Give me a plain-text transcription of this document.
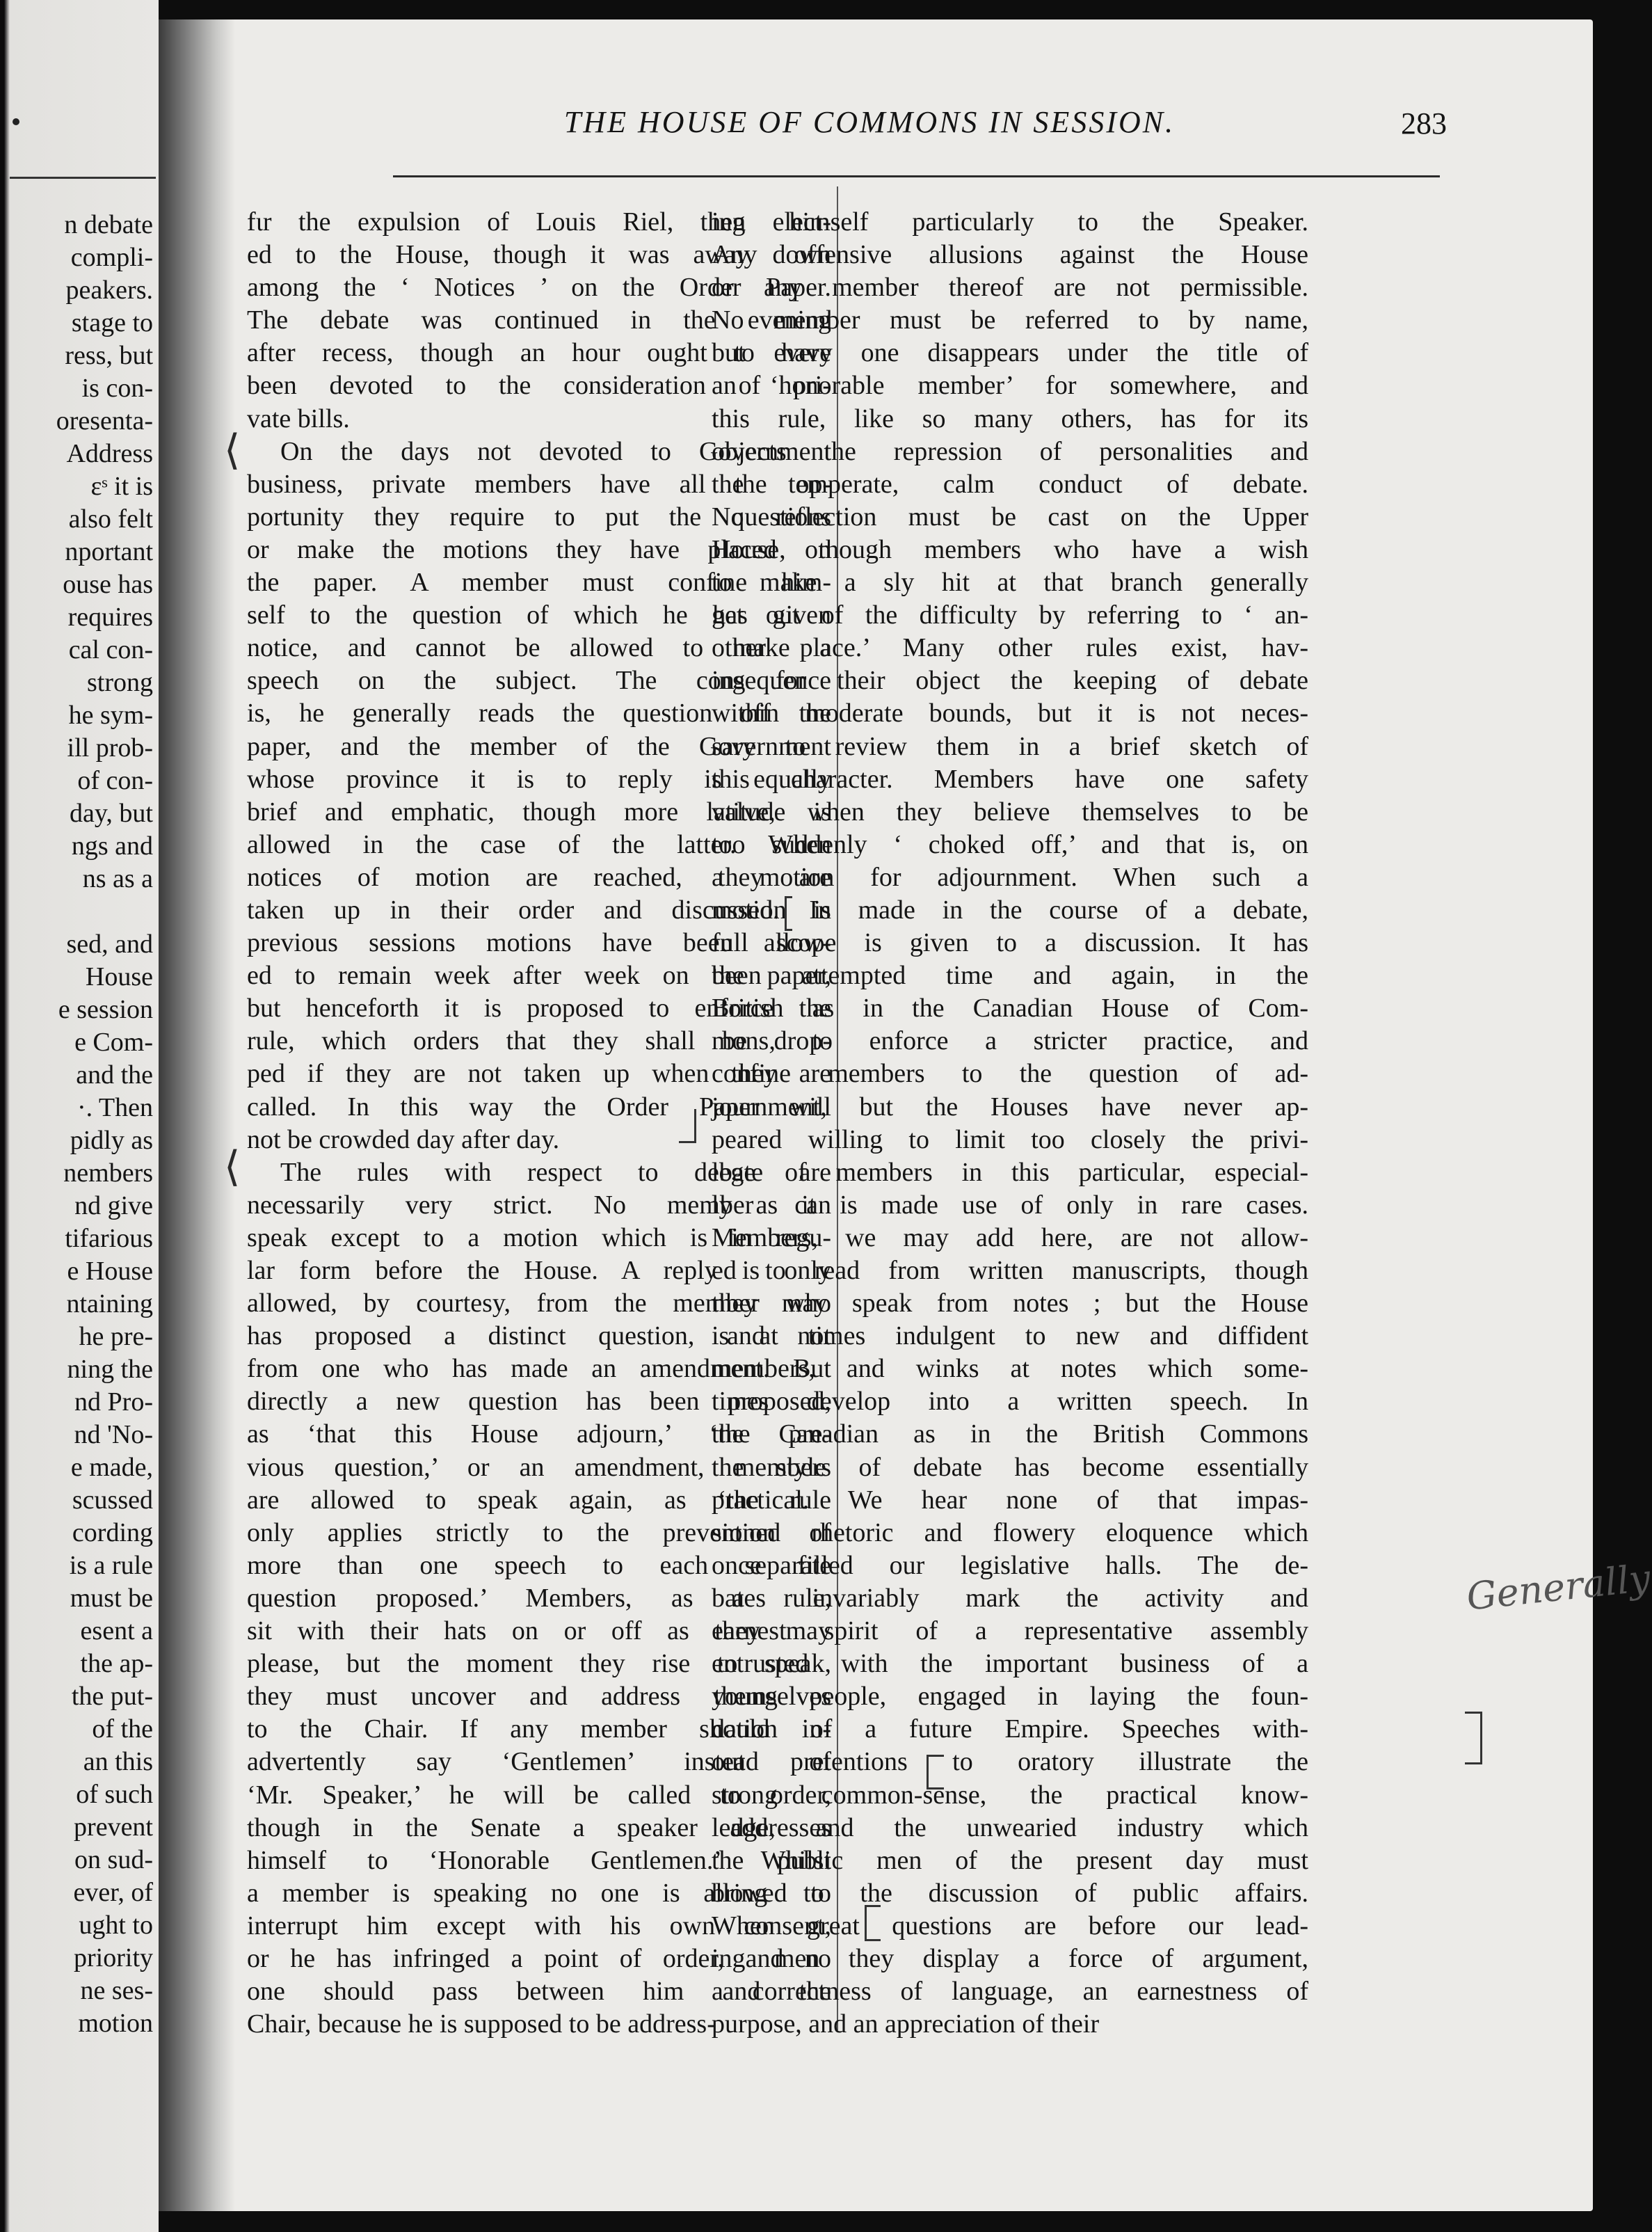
n debate
compli-
peakers.
stage to
ress, but
is con-
oresenta-
Address
ɛˢ it is
also felt
nportant
ouse has
requires
cal con-
strong
he sym-
ill prob-
of con-
day, but
ngs and
ns as a
sed, and
House
e session
e Com-
and the
·. Then
pidly as
nembers
nd give
tifarious
e House
ntaining
he pre-
ning the
nd Pro-
nd 'No-
e made,
scussed
cording
is a rule
must be
esent a
the ap-
the put-
of the
an this
of such
prevent
on sud-
ever, of
ught to
priority
ne ses-
motion
THE HOUSE OF COMMONS IN SESSION.	283
fɩr the expulsion of Louis Riel, then elect-
ed to the House, though it was away down
among the ‘ Notices ’ on the Order Paper.
The debate was continued in the evening
after recess, though an hour ought to have
been devoted to the consideration of pri-
vate bills.
On the days not devoted to Government
business, private members have all the op-
portunity they require to put the questions
or make the motions they have placed on
the paper. A member must confine him-
self to the question of which he has given
notice, and cannot be allowed to make a
speech on the subject. The consequence
is, he generally reads the question off the
paper, and the member of the Government
whose province it is to reply is equally
brief and emphatic, though more latitude is
allowed in the case of the latter. When
notices of motion are reached, they are
taken up in their order and discussed. In
previous sessions motions have been allow-
ed to remain week after week on the paper,
but henceforth it is proposed to enforce the
rule, which orders that they shall be drop-
ped if they are not taken up when they are
called. In this way the Order Paper will
not be crowded day after day.
The rules with respect to debate are
necessarily very strict. No member can
speak except to a motion which is in regu-
lar form before the House. A reply is only
allowed, by courtesy, from the member who
has proposed a distinct question, and not
from one who has made an amendment. But
directly a new question has been proposed,
as ‘that this House adjourn,’ ‘the pre-
vious question,’ or an amendment, members
are allowed to speak again, as ‘the rule
only applies strictly to the prevention of
more than one speech to each separate
question proposed.’ Members, as a rule,
sit with their hats on or off as they may
please, but the moment they rise to speak,
they must uncover and address themselves
to the Chair. If any member should in-
advertently say ‘Gentlemen’ instead of
‘Mr. Speaker,’ he will be called to order,
though in the Senate a speaker addresses
himself to ‘Honorable Gentlemen.’ Whilst
a member is speaking no one is allowed to
interrupt him except with his own consent,
or he has infringed a point of order, and no
one should pass between him and the
Chair, because he is supposed to be address-
ing himself particularly to the Speaker.
Any offensive allusions against the House
or any member thereof are not permissible.
No member must be referred to by name,
but every one disappears under the title of
an ‘honorable member’ for somewhere, and
this rule, like so many others, has for its
objects the repression of personalities and
the temperate, calm conduct of debate.
No reflection must be cast on the Upper
House, though members who have a wish
to make a sly hit at that branch generally
get out of the difficulty by referring to ‘ an-
other place.’ Many other rules exist, hav-
ing for their object the keeping of debate
within moderate bounds, but it is not neces-
sary to review them in a brief sketch of
this character. Members have one safety
valve, when they believe themselves to be
too suddenly ‘ choked off,’ and that is, on
a motion for adjournment. When such a
motion is made in the course of a debate,
full scope is given to a discussion. It has
been attempted time and again, in the
British as in the Canadian House of Com-
mons, to enforce a stricter practice, and
confine members to the question of ad-
journment, but the Houses have never ap-
peared willing to limit too closely the privi-
lege of members in this particular, especial-
ly as it is made use of only in rare cases.
Members, we may add here, are not allow-
ed to read from written manuscripts, though
they may speak from notes ; but the House
is at times indulgent to new and diffident
members, and winks at notes which some-
times develop into a written speech. In
the Canadian as in the British Commons
the style of debate has become essentially
practical. We hear none of that impas-
sioned rhetoric and flowery eloquence which
once filled our legislative halls. The de-
bates invariably mark the activity and
earnest spirit of a representative assembly
entrusted with the important business of a
young people, engaged in laying the foun-
dation of a future Empire. Speeches with-
out pretentions to oratory illustrate the
strong common-sense, the practical know-
ledge, and the unwearied industry which
the public men of the present day must
bring to the discussion of public affairs.
When great questions are before our lead-
ing men they display a force of argument,
a correctness of language, an earnestness of
purpose, and an appreciation of their
⟨
⟨
Generally
